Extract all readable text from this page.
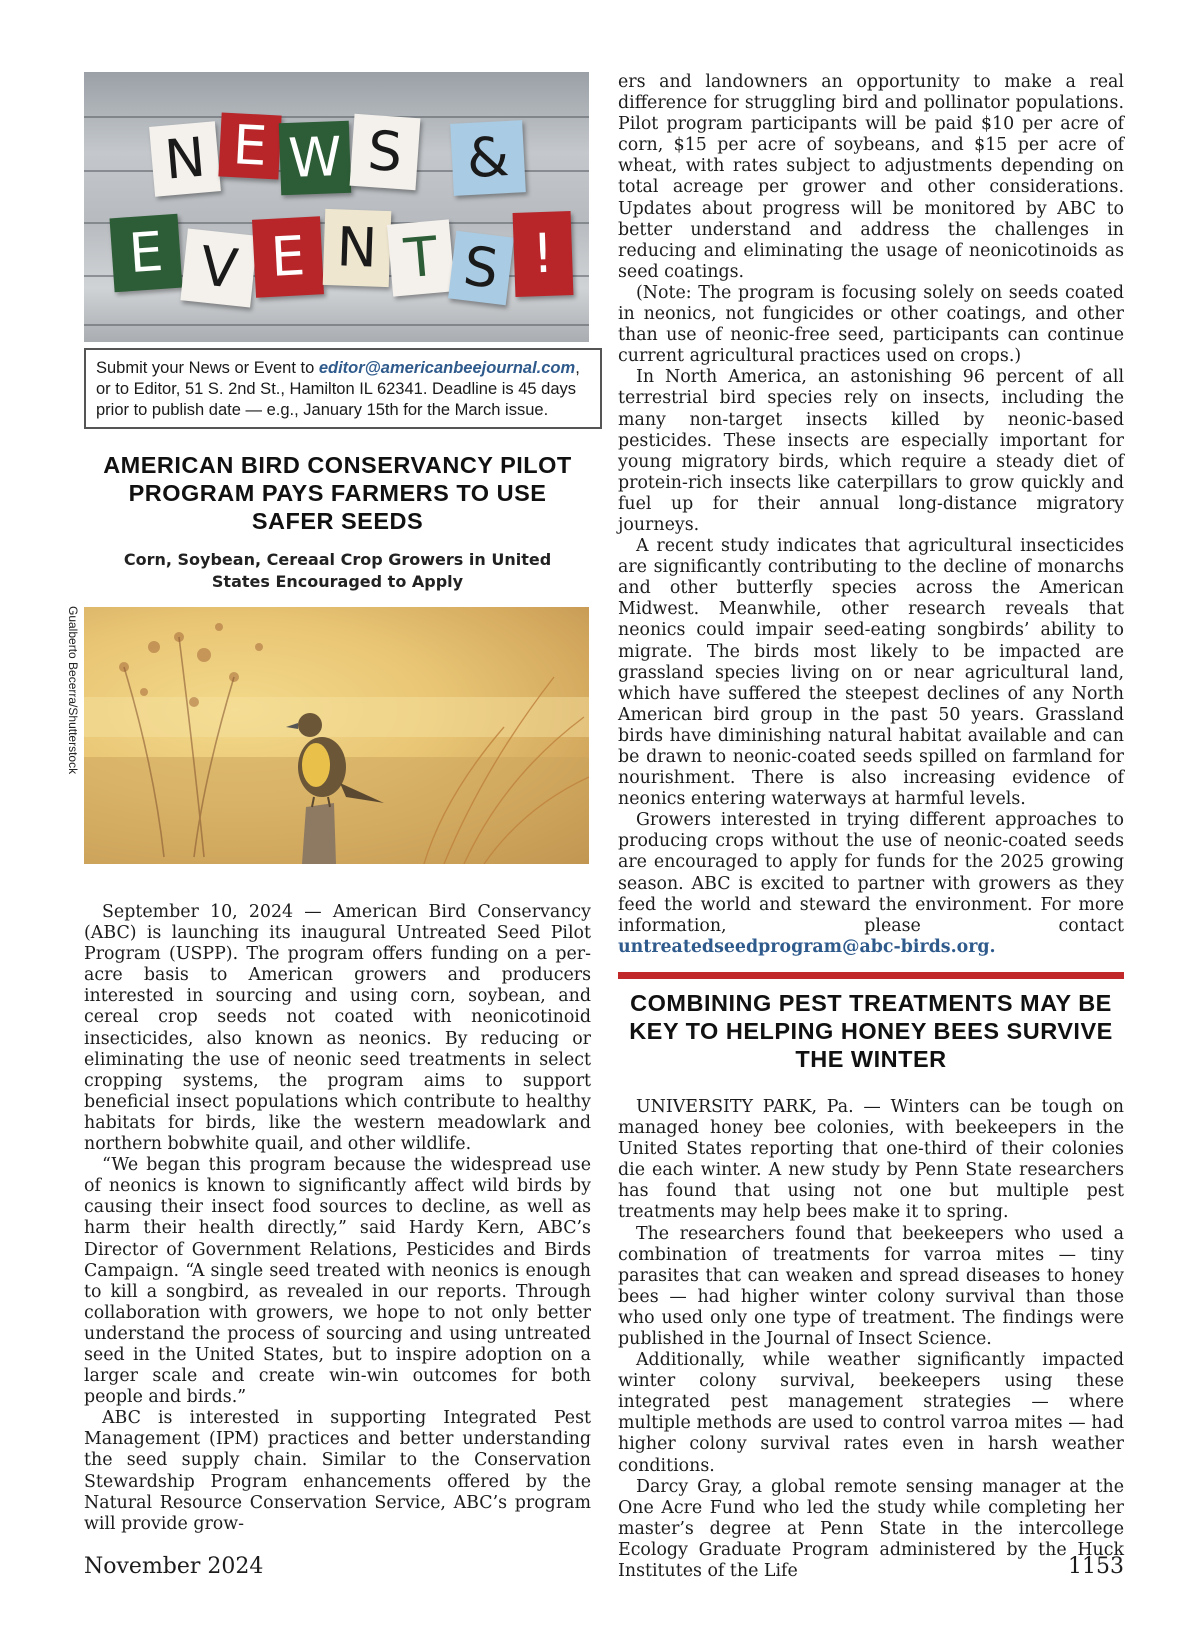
Gualberto Becerra/Shutterstock
N E W S &
E V E N T S !
Submit your News or Event to editor@americanbeejournal.com, or to Editor, 51 S. 2nd St., Hamilton IL 62341. Deadline is 45 days prior to publish date — e.g., January 15th for the March issue.
AMERICAN BIRD CONSERVANCY PILOT PROGRAM PAYS FARMERS TO USE SAFER SEEDS
Corn, Soybean, Cereaal Crop Growers in United States Encouraged to Apply

September 10, 2024 — American Bird Conservancy (ABC) is launching its inaugural Untreated Seed Pilot Program (USPP). The program offers funding on a per-acre basis to American growers and producers interested in sourcing and using corn, soybean, and cereal crop seeds not coated with neonicotinoid insecticides, also known as neonics. By reducing or eliminating the use of neonic seed treatments in select cropping systems, the program aims to support beneficial insect populations which contribute to healthy habitats for birds, like the western meadowlark and northern bobwhite quail, and other wildlife.

“We began this program because the widespread use of neonics is known to significantly affect wild birds by causing their insect food sources to decline, as well as harm their health directly,” said Hardy Kern, ABC’s Director of Government Relations, Pesticides and Birds Campaign. “A single seed treated with neonics is enough to kill a songbird, as revealed in our reports. Through collaboration with growers, we hope to not only better understand the process of sourcing and using untreated seed in the United States, but to inspire adoption on a larger scale and create win-win outcomes for both people and birds.”

ABC is interested in supporting Integrated Pest Management (IPM) practices and better understanding the seed supply chain. Similar to the Conservation Stewardship Program enhancements offered by the Natural Resource Conservation Service, ABC’s program will provide grow-

ers and landowners an opportunity to make a real difference for struggling bird and pollinator populations. Pilot program participants will be paid $10 per acre of corn, $15 per acre of soybeans, and $15 per acre of wheat, with rates subject to adjustments depending on total acreage per grower and other considerations. Updates about progress will be monitored by ABC to better understand and address the challenges in reducing and eliminating the usage of neonicotinoids as seed coatings.

(Note: The program is focusing solely on seeds coated in neonics, not fungicides or other coatings, and other than use of neonic-free seed, participants can continue current agricultural practices used on crops.)

In North America, an astonishing 96 percent of all terrestrial bird species rely on insects, including the many non-target insects killed by neonic-based pesticides. These insects are especially important for young migratory birds, which require a steady diet of protein-rich insects like caterpillars to grow quickly and fuel up for their annual long-distance migratory journeys.

A recent study indicates that agricultural insecticides are significantly contributing to the decline of monarchs and other butterfly species across the American Midwest. Meanwhile, other research reveals that neonics could impair seed-eating songbirds’ ability to migrate. The birds most likely to be impacted are grassland species living on or near agricultural land, which have suffered the steepest declines of any North American bird group in the past 50 years. Grassland birds have diminishing natural habitat available and can be drawn to neonic-coated seeds spilled on farmland for nourishment. There is also increasing evidence of neonics entering waterways at harmful levels.

Growers interested in trying different approaches to producing crops without the use of neonic-coated seeds are encouraged to apply for funds for the 2025 growing season. ABC is excited to partner with growers as they feed the world and steward the environment. For more information, please contact untreatedseedprogram@abc-birds.org.

COMBINING PEST TREATMENTS MAY BE KEY TO HELPING HONEY BEES SURVIVE THE WINTER

UNIVERSITY PARK, Pa. — Winters can be tough on managed honey bee colonies, with beekeepers in the United States reporting that one-third of their colonies die each winter. A new study by Penn State researchers has found that using not one but multiple pest treatments may help bees make it to spring.

The researchers found that beekeepers who used a combination of treatments for varroa mites — tiny parasites that can weaken and spread diseases to honey bees — had higher winter colony survival than those who used only one type of treatment. The findings were published in the Journal of Insect Science.

Additionally, while weather significantly impacted winter colony survival, beekeepers using these integrated pest management strategies — where multiple methods are used to control varroa mites — had higher colony survival rates even in harsh weather conditions.

Darcy Gray, a global remote sensing manager at the One Acre Fund who led the study while completing her master’s degree at Penn State in the intercollege Ecology Graduate Program administered by the Huck Institutes of the Life

November 2024	1153
